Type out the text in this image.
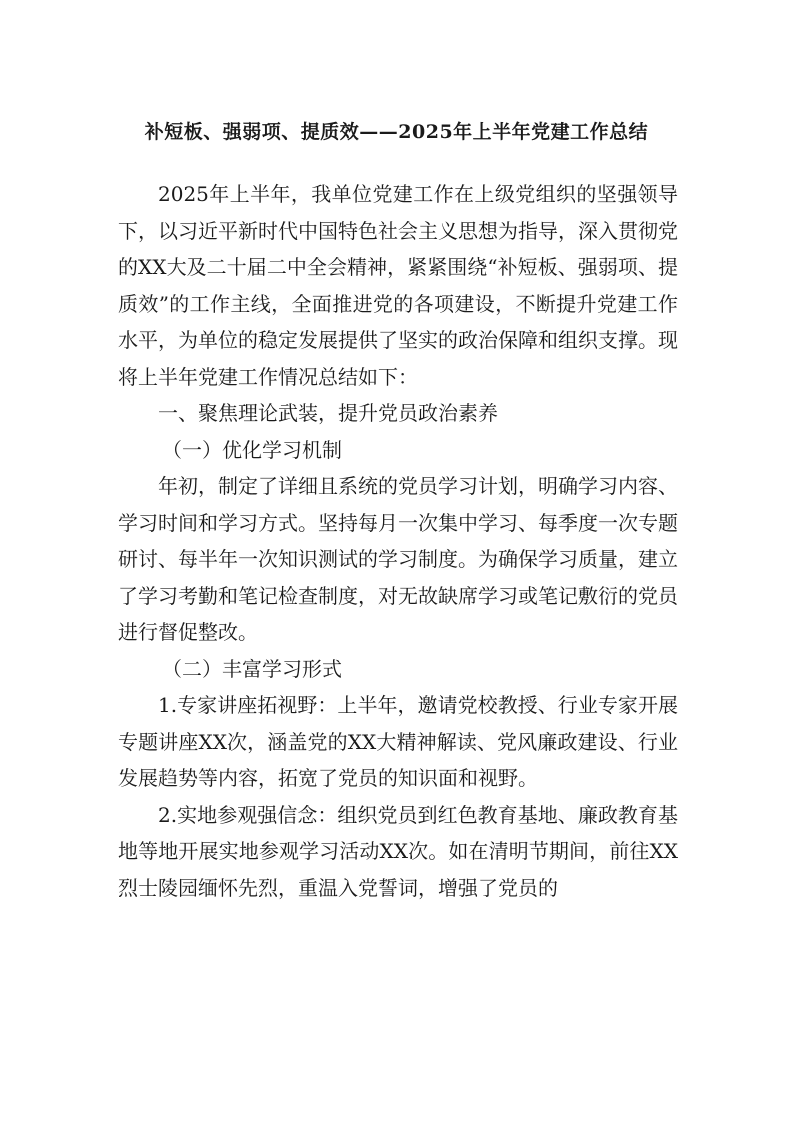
补短板、强弱项、提质效——2025年上半年党建工作总结

2025年上半年，我单位党建工作在上级党组织的坚强领导下，以习近平新时代中国特色社会主义思想为指导，深入贯彻党的XX大及二十届二中全会精神，紧紧围绕“补短板、强弱项、提质效”的工作主线，全面推进党的各项建设，不断提升党建工作水平，为单位的稳定发展提供了坚实的政治保障和组织支撑。现将上半年党建工作情况总结如下：

一、聚焦理论武装，提升党员政治素养

（一）优化学习机制

年初，制定了详细且系统的党员学习计划，明确学习内容、学习时间和学习方式。坚持每月一次集中学习、每季度一次专题研讨、每半年一次知识测试的学习制度。为确保学习质量，建立了学习考勤和笔记检查制度，对无故缺席学习或笔记敷衍的党员进行督促整改。

（二）丰富学习形式

1.专家讲座拓视野：上半年，邀请党校教授、行业专家开展专题讲座XX次，涵盖党的XX大精神解读、党风廉政建设、行业发展趋势等内容，拓宽了党员的知识面和视野。

2.实地参观强信念：组织党员到红色教育基地、廉政教育基地等地开展实地参观学习活动XX次。如在清明节期间，前往XX烈士陵园缅怀先烈，重温入党誓词，增强了党员的
